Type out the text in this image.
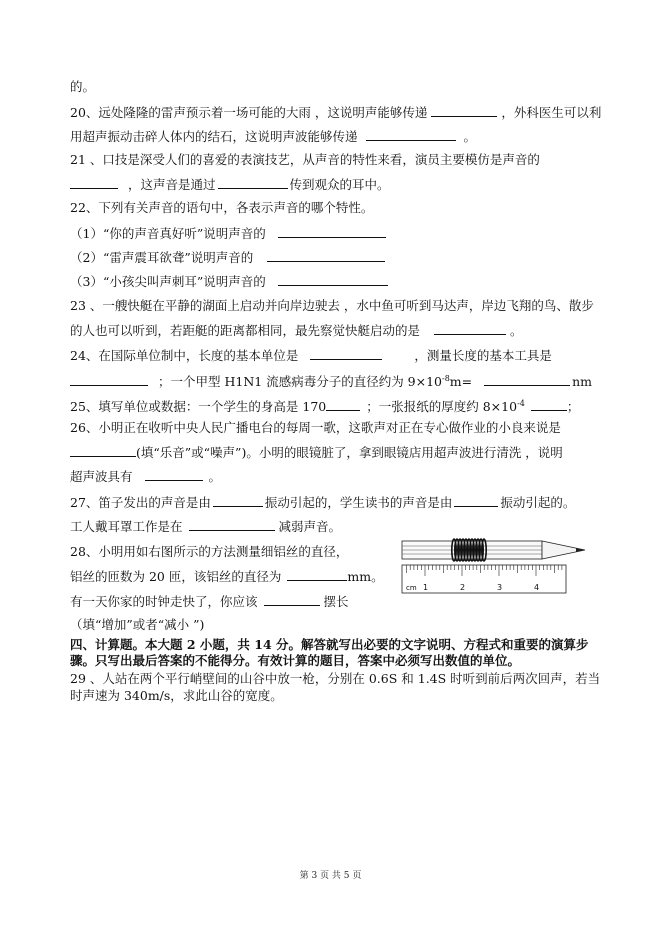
的。
20、远处隆隆的雷声预示着一场可能的大雨 ，这说明声能够传递	，外科医生可以利
用超声振动击碎人体内的结石，这说明声波能够传递	。
21 、口技是深受人们的喜爱的表演技艺，从声音的特性来看，演员主要模仿是声音的
，这声音是通过	传到观众的耳中。
22、下列有关声音的语句中，各表示声音的哪个特性。
（1）“你的声音真好听”说明声音的
（2）“雷声震耳欲聋”说明声音的
（3）“小孩尖叫声刺耳”说明声音的
23 、一艘快艇在平静的湖面上启动并向岸边驶去 ，水中鱼可听到马达声，岸边飞翔的鸟、散步
的人也可以听到，若距艇的距离都相同，最先察觉快艇启动的是	。
24、在国际单位制中，长度的基本单位是	，测量长度的基本工具是
；一个甲型 H1N1 流感病毒分子的直径约为 $9\times 10^{-8}m=$	nm
25、填写单位或数据：一个学生的身高是 170	；一张报纸的厚度约 $8\times 10^{-4}$	；
26、小明正在收听中央人民广播电台的每周一歌，这歌声对正在专心做作业的小良来说是
(填“乐音”或“噪声”)。小明的眼镜脏了，拿到眼镜店用超声波进行清洗 ，说明
超声波具有	。
27、笛子发出的声音是由	振动引起的，学生读书的声音是由	振动引起的。
工人戴耳罩工作是在	减弱声音。
28、小明用如右图所示的方法测量细铝丝的直径，
铝丝的匝数为 20 匝，该铝丝的直径为	mm。
有一天你家的时钟走快了，你应该	摆长
（填“增加”或者“减小 ”)
四、计算题。本大题 2 小题，共 14 分。解答就写出必要的文字说明、方程式和重要的演算步
骤。只写出最后答案的不能得分。有效计算的题目，答案中必须写出数值的单位。
29 、人站在两个平行峭壁间的山谷中放一枪，分别在 0.6S 和 1.4S 时听到前后两次回声，若当
时声速为 340m/s，求此山谷的宽度。
cm 1	2	3	4
第 3 页 共 5 页
